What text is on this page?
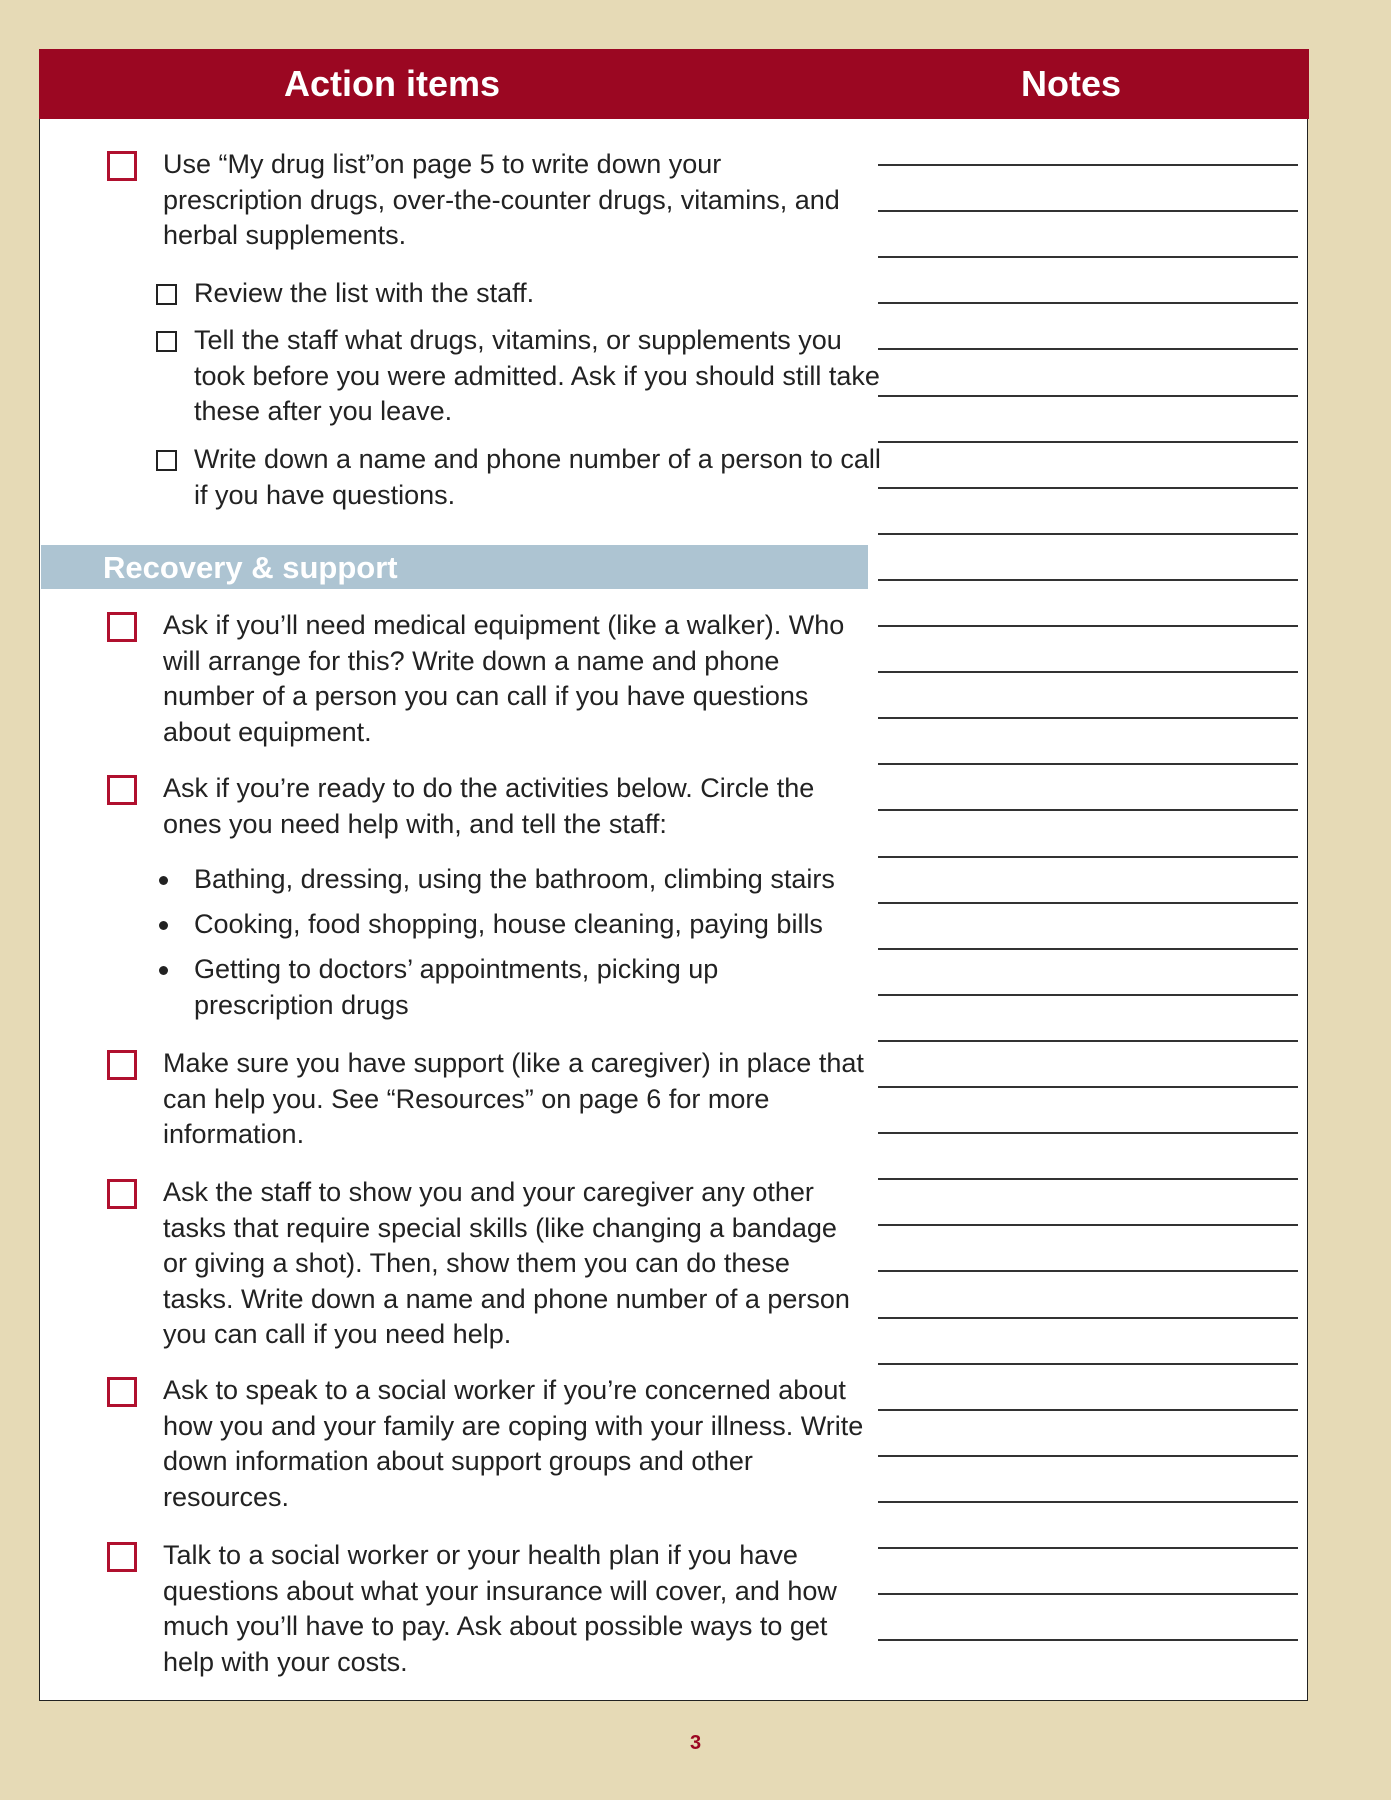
Action items	Notes
Use “My drug list”on page 5 to write down your prescription drugs, over-the-counter drugs, vitamins, and herbal supplements.
Review the list with the staff.
Tell the staff what drugs, vitamins, or supplements you took before you were admitted. Ask if you should still take these after you leave.
Write down a name and phone number of a person to call if you have questions.
Recovery & support
Ask if you’ll need medical equipment (like a walker). Who will arrange for this? Write down a name and phone number of a person you can call if you have questions about equipment.
Ask if you’re ready to do the activities below. Circle the ones you need help with, and tell the staff:
Bathing, dressing, using the bathroom, climbing stairs
Cooking, food shopping, house cleaning, paying bills
Getting to doctors’ appointments, picking up prescription drugs
Make sure you have support (like a caregiver) in place that can help you. See “Resources” on page 6 for more information.
Ask the staff to show you and your caregiver any other tasks that require special skills (like changing a bandage or giving a shot). Then, show them you can do these tasks. Write down a name and phone number of a person you can call if you need help.
Ask to speak to a social worker if you’re concerned about how you and your family are coping with your illness. Write down information about support groups and other resources.
Talk to a social worker or your health plan if you have questions about what your insurance will cover, and how much you’ll have to pay. Ask about possible ways to get help with your costs.
3
